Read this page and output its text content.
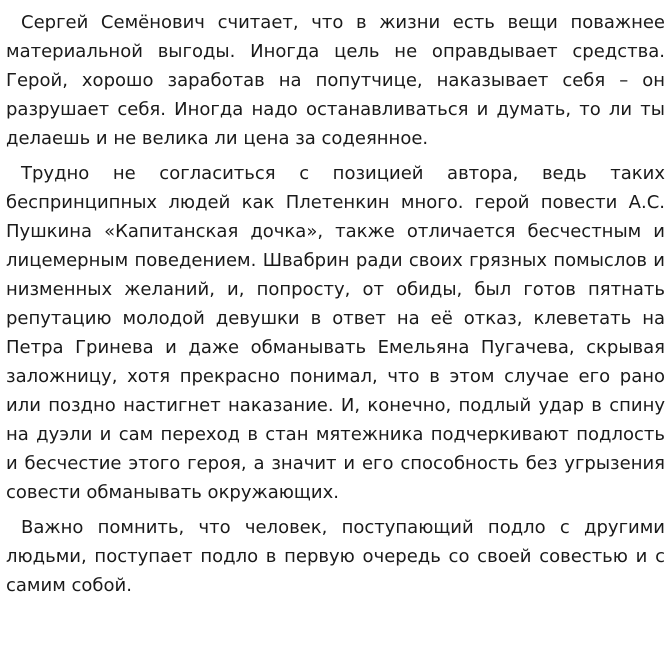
Сергей Семёнович считает, что в жизни есть вещи поважнее материальной выгоды. Иногда цель не оправдывает средства. Герой, хорошо заработав на попутчице, наказывает себя – он разрушает себя. Иногда надо останавливаться и думать, то ли ты делаешь и не велика ли цена за содеянное.

Трудно не согласиться с позицией автора, ведь таких беспринципных людей как Плетенкин много. герой повести А.С. Пушкина «Капитанская дочка», также отличается бесчестным и лицемерным поведением. Швабрин ради своих грязных помыслов и низменных желаний, и, попросту, от обиды, был готов пятнать репутацию молодой девушки в ответ на её отказ, клеветать на Петра Гринева и даже обманывать Емельяна Пугачева, скрывая заложницу, хотя прекрасно понимал, что в этом случае его рано или поздно настигнет наказание. И, конечно, подлый удар в спину на дуэли и сам переход в стан мятежника подчеркивают подлость и бесчестие этого героя, а значит и его способность без угрызения совести обманывать окружающих.

Важно помнить, что человек, поступающий подло с другими людьми, поступает подло в первую очередь со своей совестью и с самим собой.
